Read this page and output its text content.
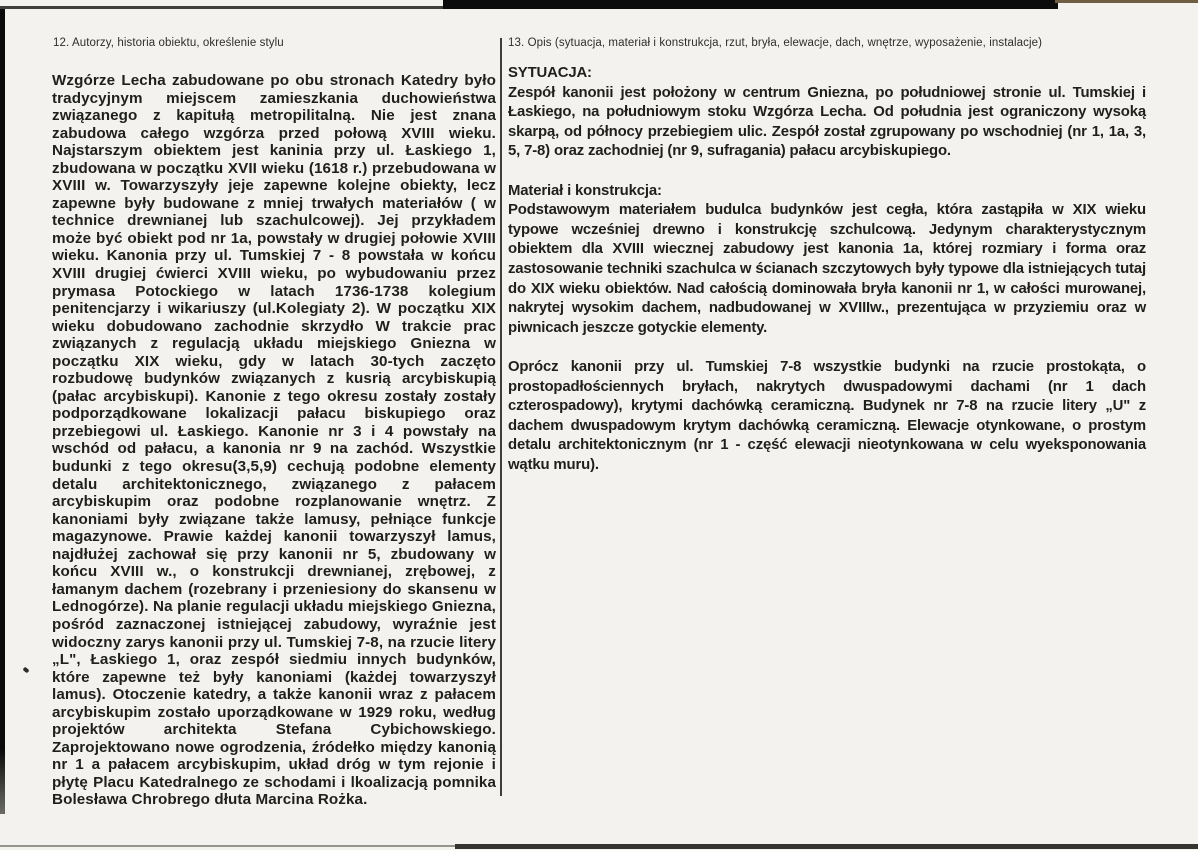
12. Autorzy, historia obiektu, określenie stylu	13. Opis (sytuacja, materiał i konstrukcja, rzut, bryła, elewacje, dach, wnętrze, wyposażenie, instalacje)
Wzgórze Lecha zabudowane po obu stronach Katedry było tradycyjnym miejscem zamieszkania duchowieństwa związanego z kapitułą metropilitalną. Nie jest znana zabudowa całego wzgórza przed połową XVIII wieku. Najstarszym obiektem jest kaninia przy ul. Łaskiego 1, zbudowana w początku XVII wieku (1618 r.) przebudowana w XVIII w. Towarzyszyły jeje zapewne kolejne obiekty, lecz zapewne były budowane z mniej trwałych materiałów ( w technice drewnianej lub szachulcowej). Jej przykładem może być obiekt pod nr 1a, powstały w drugiej połowie XVIII wieku. Kanonia przy ul. Tumskiej 7 - 8 powstała w końcu XVIII drugiej ćwierci XVIII wieku, po wybudowaniu przez prymasa Potockiego w latach 1736-1738 kolegium penitencjarzy i wikariuszy (ul.Kolegiaty 2). W początku XIX wieku dobudowano zachodnie skrzydło W trakcie prac związanych z regulacją układu miejskiego Gniezna w początku XIX wieku, gdy w latach 30-tych zaczęto rozbudowę budynków związanych z kusrią arcybiskupią (pałac arcybiskupi). Kanonie z tego okresu zostały zostały podporządkowane lokalizacji pałacu biskupiego oraz przebiegowi ul. Łaskiego. Kanonie nr 3 i 4 powstały na wschód od pałacu, a kanonia nr 9 na zachód. Wszystkie budunki z tego okresu(3,5,9) cechują podobne elementy detalu architektonicznego, związanego z pałacem arcybiskupim oraz podobne rozplanowanie wnętrz. Z kanoniami były związane także lamusy, pełniące funkcje magazynowe. Prawie każdej kanonii towarzyszył lamus, najdłużej zachował się przy kanonii nr 5, zbudowany w końcu XVIII w., o konstrukcji drewnianej, zrębowej, z łamanym dachem (rozebrany i przeniesiony do skansenu w Lednogórze). Na planie regulacji układu miejskiego Gniezna, pośród zaznaczonej istniejącej zabudowy, wyraźnie jest widoczny zarys kanonii przy ul. Tumskiej 7-8, na rzucie litery „L", Łaskiego 1, oraz zespół siedmiu innych budynków, które zapewne też były kanoniami (każdej towarzyszył lamus). Otoczenie katedry, a także kanonii wraz z pałacem arcybiskupim zostało uporządkowane w 1929 roku, według projektów architekta Stefana Cybichowskiego. Zaprojektowano nowe ogrodzenia, źródełko między kanonią nr 1 a pałacem arcybiskupim, układ dróg w tym rejonie i płytę Placu Katedralnego ze schodami i lkoalizacją pomnika Bolesława Chrobrego dłuta Marcina Rożka.
SYTUACJA:
Zespół kanonii jest położony w centrum Gniezna, po południowej stronie ul. Tumskiej i Łaskiego, na południowym stoku Wzgórza Lecha. Od południa jest ograniczony wysoką skarpą, od północy przebiegiem ulic. Zespół został zgrupowany po wschodniej (nr 1, 1a, 3, 5, 7-8) oraz zachodniej (nr 9, sufragania) pałacu arcybiskupiego.
Materiał i konstrukcja:
Podstawowym materiałem budulca budynków jest cegła, która zastąpiła w XIX wieku typowe wcześniej drewno i konstrukcję szchulcową. Jedynym charakterystycznym obiektem dla XVIII wiecznej zabudowy jest kanonia 1a, której rozmiary i forma oraz zastosowanie techniki szachulca w ścianach szczytowych były typowe dla istniejących tutaj do XIX wieku obiektów. Nad całością dominowała bryła kanonii nr 1, w całości murowanej, nakrytej wysokim dachem, nadbudowanej w XVIIIw., prezentująca w przyziemiu oraz w piwnicach jeszcze gotyckie elementy.
Oprócz kanonii przy ul. Tumskiej 7-8 wszystkie budynki na rzucie prostokąta, o prostopadłościennych bryłach, nakrytych dwuspadowymi dachami (nr 1 dach czterospadowy), krytymi dachówką ceramiczną. Budynek nr 7-8 na rzucie litery „U" z dachem dwuspadowym krytym dachówką ceramiczną. Elewacje otynkowane, o prostym detalu architektonicznym (nr 1 - część elewacji nieotynkowana w celu wyeksponowania wątku muru).
